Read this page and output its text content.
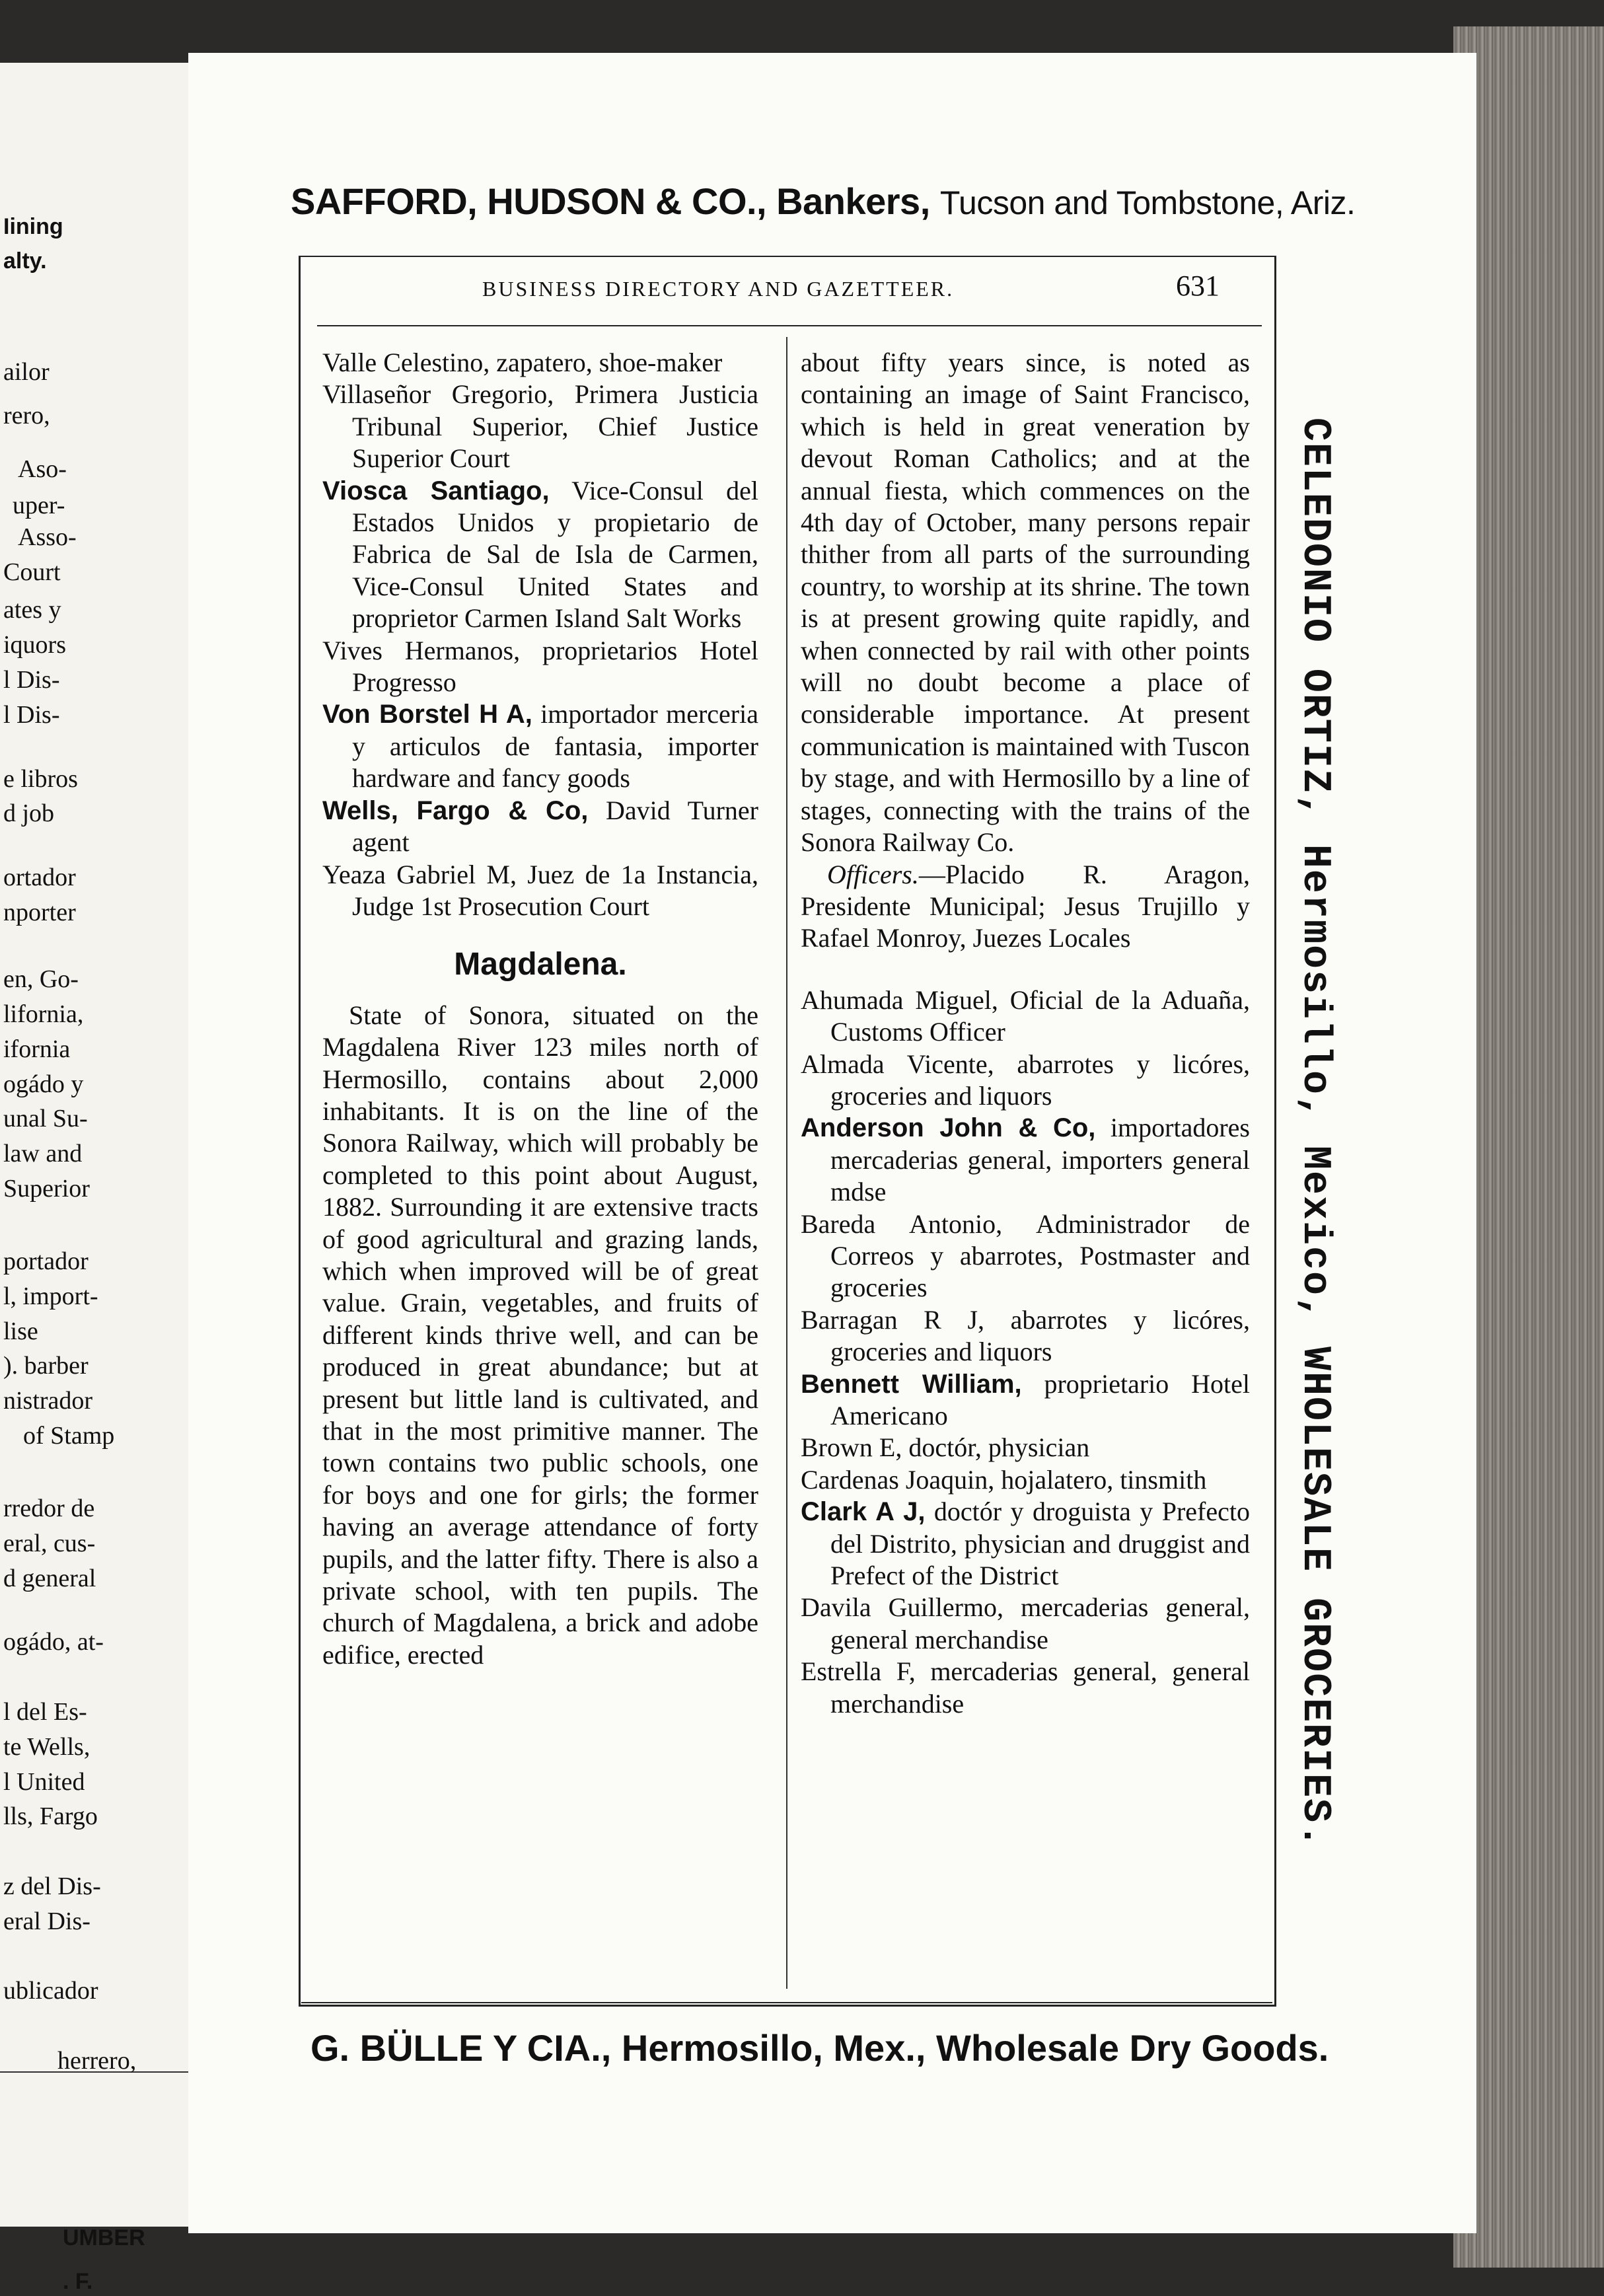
Iining
alty.
ailor
rero,
Aso-
uper-
Asso-
Court
ates y
iquors
l Dis-
l Dis-
e libros
d job
ortador
nporter
en, Go-
lifornia,
ifornia
ogádo y
unal Su-
law and
Superior
portador
l, import-
lise
). barber
nistrador
of Stamp
rredor de
eral, cus-
d general
ogádo, at-
l del Es-
te Wells,
l United
lls, Fargo
z del Dis-
eral Dis-
ublicador
herrero,
UMBER
. F.
SAFFORD, HUDSON & CO., Bankers, Tucson and Tombstone, Ariz.
BUSINESS DIRECTORY AND GAZETTEER.	631
Valle Celestino, zapatero, shoe-maker
Villaseñor Gregorio, Primera Justicia Tribunal Superior, Chief Justice Superior Court
Viosca Santiago, Vice-Consul del Estados Unidos y propietario de Fabrica de Sal de Isla de Carmen, Vice-Consul United States and proprietor Carmen Island Salt Works
Vives Hermanos, proprietarios Hotel Progresso
Von Borstel H A, importador merceria y articulos de fantasia, importer hardware and fancy goods
Wells, Fargo & Co, David Turner agent
Yeaza Gabriel M, Juez de 1a Instancia, Judge 1st Prosecution Court
Magdalena.
State of Sonora, situated on the Magdalena River 123 miles north of Hermosillo, contains about 2,000 inhabitants. It is on the line of the Sonora Railway, which will probably be completed to this point about August, 1882. Surrounding it are extensive tracts of good agricultural and grazing lands, which when improved will be of great value. Grain, vegetables, and fruits of different kinds thrive well, and can be produced in great abundance; but at present but little land is cultivated, and that in the most primitive manner. The town contains two public schools, one for boys and one for girls; the former having an average attendance of forty pupils, and the latter fifty. There is also a private school, with ten pupils. The church of Magdalena, a brick and adobe edifice, erected
about fifty years since, is noted as containing an image of Saint Francisco, which is held in great veneration by devout Roman Catholics; and at the annual fiesta, which commences on the 4th day of October, many persons repair thither from all parts of the surrounding country, to worship at its shrine. The town is at present growing quite rapidly, and when connected by rail with other points will no doubt become a place of considerable importance. At present communication is maintained with Tuscon by stage, and with Hermosillo by a line of stages, connecting with the trains of the Sonora Railway Co.
Officers.—Placido R. Aragon, Presidente Municipal; Jesus Trujillo y Rafael Monroy, Juezes Locales
Ahumada Miguel, Oficial de la Aduaña, Customs Officer
Almada Vicente, abarrotes y licóres, groceries and liquors
Anderson John & Co, importadores mercaderias general, importers general mdse
Bareda Antonio, Administrador de Correos y abarrotes, Postmaster and groceries
Barragan R J, abarrotes y licóres, groceries and liquors
Bennett William, proprietario Hotel Americano
Brown E, doctór, physician
Cardenas Joaquin, hojalatero, tinsmith
Clark A J, doctór y droguista y Prefecto del Distrito, physician and druggist and Prefect of the District
Davila Guillermo, mercaderias general, general merchandise
Estrella F, mercaderias general, general merchandise	CELEDONIO ORTIZ, Hermosillo, Mexico, WHOLESALE GROCERIES.
G. BÜLLE Y CIA., Hermosillo, Mex., Wholesale Dry Goods.
